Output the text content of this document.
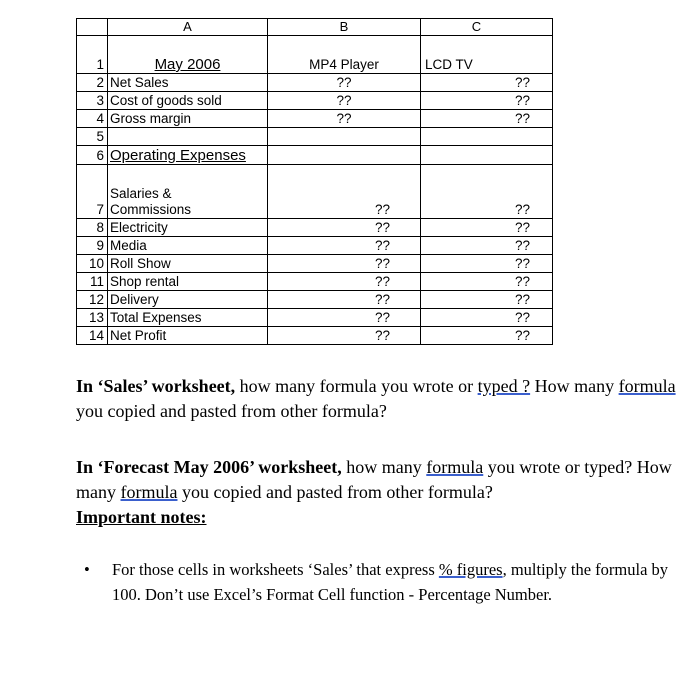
	A	B	C

1	May 2006	MP4 Player	LCD TV
2	Net Sales	??	??
3	Cost of goods sold	??	??
4	Gross margin	??	??
5			
6	Operating Expenses		

7	Salaries &
Commissions	??	??
8	Electricity	??	??
9	Media	??	??
10	Roll Show	??	??
11	Shop rental	??	??
12	Delivery	??	??
13	Total Expenses	??	??
14	Net Profit	??	??
In ‘Sales’ worksheet, how many formula you wrote or typed ? How many formula you copied and pasted from other formula?
In ‘Forecast May 2006’ worksheet, how many formula you wrote or typed? How many formula you copied and pasted from other formula?
Important notes:
•	For those cells in worksheets ‘Sales’ that express % figures, multiply the formula by 100. Don’t use Excel’s Format Cell function - Percentage Number.
